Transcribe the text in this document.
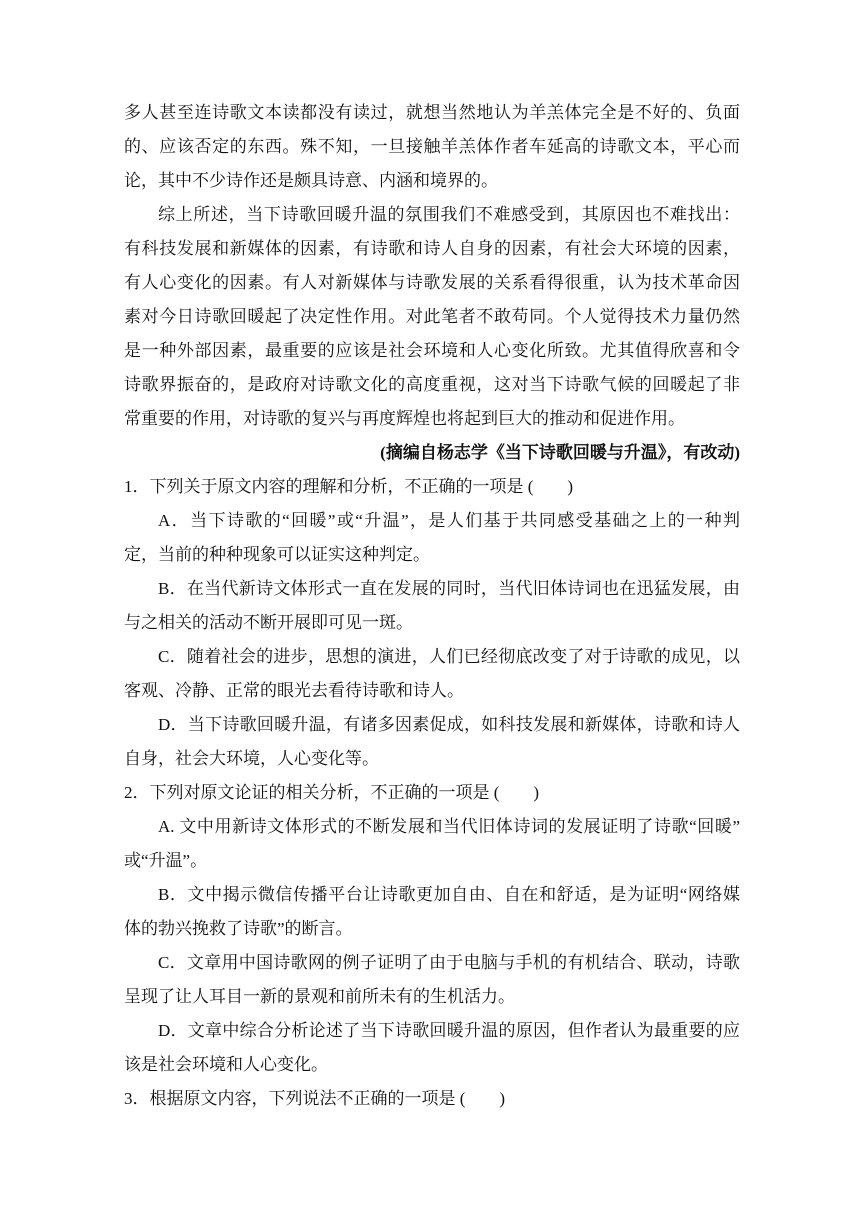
多人甚至连诗歌文本读都没有读过，就想当然地认为羊羔体完全是不好的、负面
的、应该否定的东西。殊不知，一旦接触羊羔体作者车延高的诗歌文本，平心而
论，其中不少诗作还是颇具诗意、内涵和境界的。
综上所述，当下诗歌回暖升温的氛围我们不难感受到，其原因也不难找出：
有科技发展和新媒体的因素，有诗歌和诗人自身的因素，有社会大环境的因素，
有人心变化的因素。有人对新媒体与诗歌发展的关系看得很重，认为技术革命因
素对今日诗歌回暖起了决定性作用。对此笔者不敢苟同。个人觉得技术力量仍然
是一种外部因素，最重要的应该是社会环境和人心变化所致。尤其值得欣喜和令
诗歌界振奋的，是政府对诗歌文化的高度重视，这对当下诗歌气候的回暖起了非
常重要的作用，对诗歌的复兴与再度辉煌也将起到巨大的推动和促进作用。
(摘编自杨志学《当下诗歌回暖与升温》，有改动)
1．下列关于原文内容的理解和分析，不正确的一项是 (　　)
A．当下诗歌的“回暖”或“升温”，是人们基于共同感受基础之上的一种判
定，当前的种种现象可以证实这种判定。
B．在当代新诗文体形式一直在发展的同时，当代旧体诗词也在迅猛发展，由
与之相关的活动不断开展即可见一斑。
C．随着社会的进步，思想的演进，人们已经彻底改变了对于诗歌的成见，以
客观、冷静、正常的眼光去看待诗歌和诗人。
D．当下诗歌回暖升温，有诸多因素促成，如科技发展和新媒体，诗歌和诗人
自身，社会大环境，人心变化等。
2．下列对原文论证的相关分析，不正确的一项是 (　　)
A. 文中用新诗文体形式的不断发展和当代旧体诗词的发展证明了诗歌“回暖”
或“升温”。
B．文中揭示微信传播平台让诗歌更加自由、自在和舒适，是为证明“网络媒
体的勃兴挽救了诗歌”的断言。
C．文章用中国诗歌网的例子证明了由于电脑与手机的有机结合、联动，诗歌
呈现了让人耳目一新的景观和前所未有的生机活力。
D．文章中综合分析论述了当下诗歌回暖升温的原因，但作者认为最重要的应
该是社会环境和人心变化。
3．根据原文内容，下列说法不正确的一项是 (　　)
